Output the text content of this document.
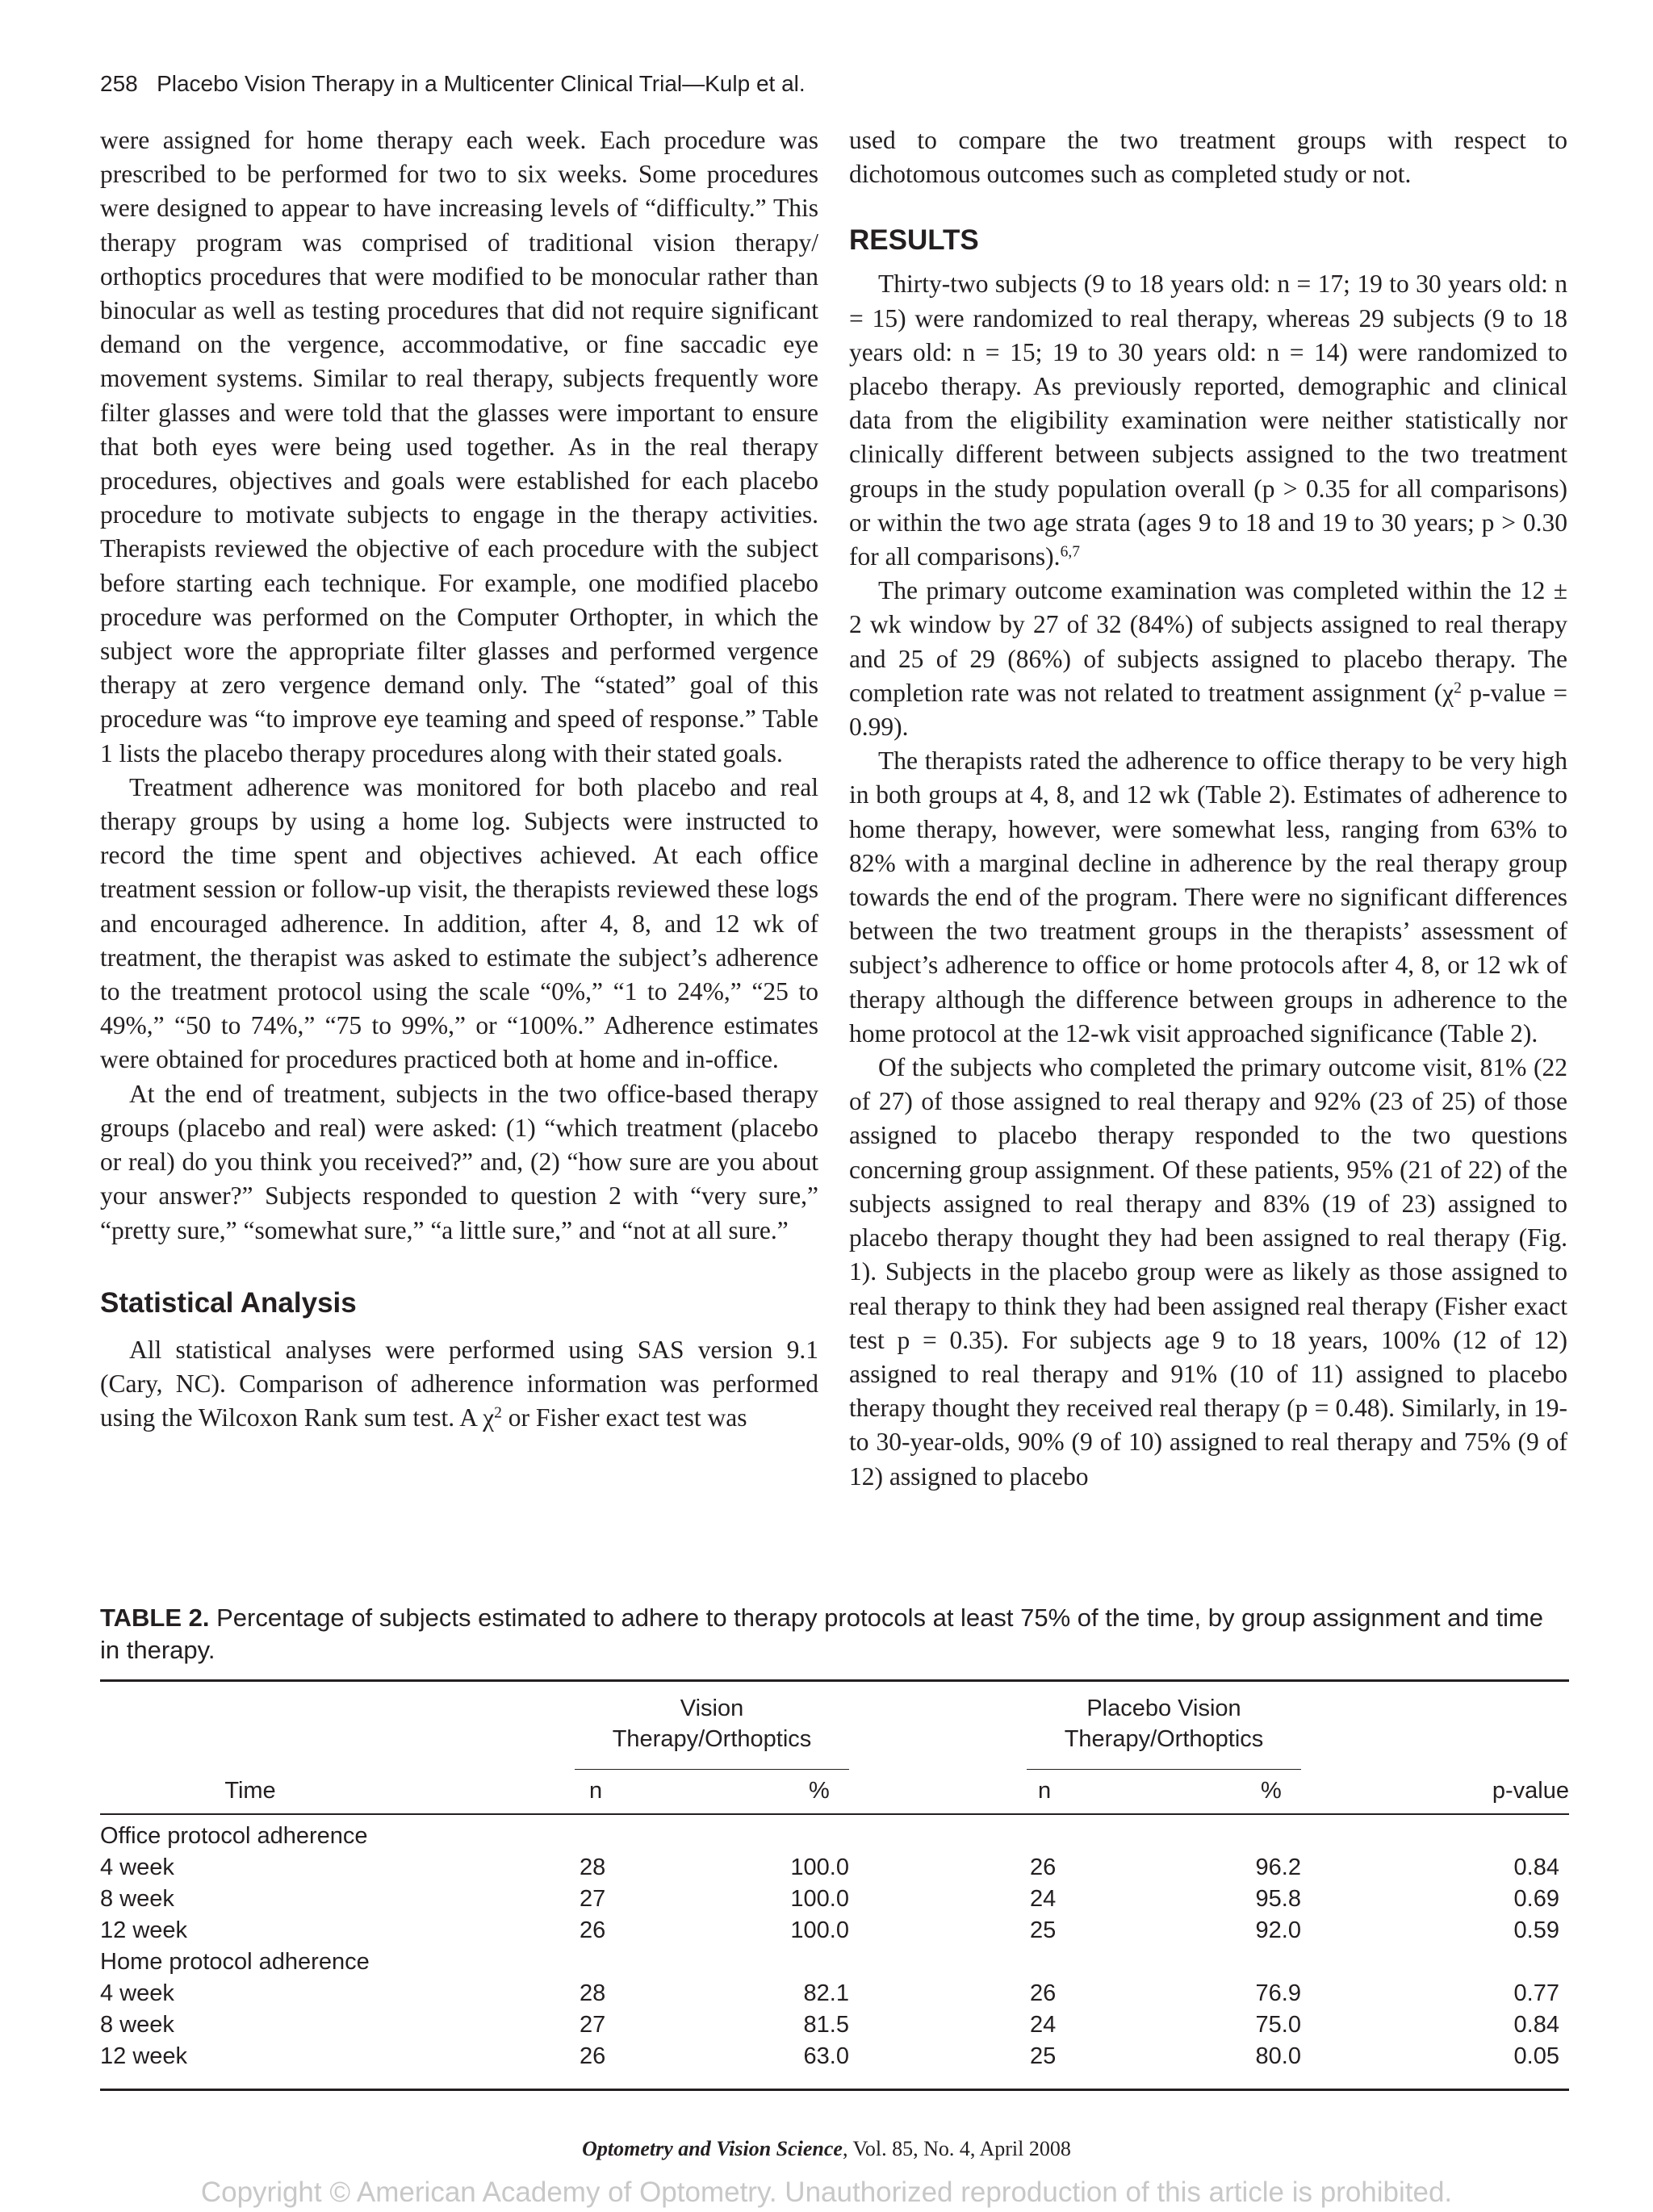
258 Placebo Vision Therapy in a Multicenter Clinical Trial—Kulp et al.

were assigned for home therapy each week. Each procedure was prescribed to be performed for two to six weeks. Some procedures were designed to appear to have increasing levels of “difficulty.” This therapy program was comprised of traditional vision therapy/ orthoptics procedures that were modified to be monocular rather than binocular as well as testing procedures that did not require significant demand on the vergence, accommodative, or fine saccadic eye movement systems. Similar to real therapy, subjects frequently wore filter glasses and were told that the glasses were important to ensure that both eyes were being used together. As in the real therapy procedures, objectives and goals were established for each placebo procedure to motivate subjects to engage in the therapy activities. Therapists reviewed the objective of each procedure with the subject before starting each technique. For example, one modified placebo procedure was performed on the Computer Orthopter, in which the subject wore the appropriate filter glasses and performed vergence therapy at zero vergence demand only. The “stated” goal of this procedure was “to improve eye teaming and speed of response.” Table 1 lists the placebo therapy procedures along with their stated goals.

Treatment adherence was monitored for both placebo and real therapy groups by using a home log. Subjects were instructed to record the time spent and objectives achieved. At each office treatment session or follow-up visit, the therapists reviewed these logs and encouraged adherence. In addition, after 4, 8, and 12 wk of treatment, the therapist was asked to estimate the subject’s adherence to the treatment protocol using the scale “0%,” “1 to 24%,” “25 to 49%,” “50 to 74%,” “75 to 99%,” or “100%.” Adherence estimates were obtained for procedures practiced both at home and in-office.

At the end of treatment, subjects in the two office-based therapy groups (placebo and real) were asked: (1) “which treatment (placebo or real) do you think you received?” and, (2) “how sure are you about your answer?” Subjects responded to question 2 with “very sure,” “pretty sure,” “somewhat sure,” “a little sure,” and “not at all sure.”

Statistical Analysis

All statistical analyses were performed using SAS version 9.1 (Cary, NC). Comparison of adherence information was performed using the Wilcoxon Rank sum test. A $\chi^2$ or Fisher exact test was

used to compare the two treatment groups with respect to dichotomous outcomes such as completed study or not.

RESULTS

Thirty-two subjects (9 to 18 years old: n = 17; 19 to 30 years old: n = 15) were randomized to real therapy, whereas 29 subjects (9 to 18 years old: n = 15; 19 to 30 years old: n = 14) were randomized to placebo therapy. As previously reported, demographic and clinical data from the eligibility examination were neither statistically nor clinically different between subjects assigned to the two treatment groups in the study population overall (p > 0.35 for all comparisons) or within the two age strata (ages 9 to 18 and 19 to 30 years; p > 0.30 for all comparisons).$^{6,7}$

The primary outcome examination was completed within the 12 ± 2 wk window by 27 of 32 (84%) of subjects assigned to real therapy and 25 of 29 (86%) of subjects assigned to placebo therapy. The completion rate was not related to treatment assignment ($\chi^2$ p-value = 0.99).

The therapists rated the adherence to office therapy to be very high in both groups at 4, 8, and 12 wk (Table 2). Estimates of adherence to home therapy, however, were somewhat less, ranging from 63% to 82% with a marginal decline in adherence by the real therapy group towards the end of the program. There were no significant differences between the two treatment groups in the therapists’ assessment of subject’s adherence to office or home protocols after 4, 8, or 12 wk of therapy although the difference between groups in adherence to the home protocol at the 12-wk visit approached significance (Table 2).

Of the subjects who completed the primary outcome visit, 81% (22 of 27) of those assigned to real therapy and 92% (23 of 25) of those assigned to placebo therapy responded to the two questions concerning group assignment. Of these patients, 95% (21 of 22) of the subjects assigned to real therapy and 83% (19 of 23) assigned to placebo therapy thought they had been assigned to real therapy (Fig. 1). Subjects in the placebo group were as likely as those assigned to real therapy to think they had been assigned real therapy (Fisher exact test p = 0.35). For subjects age 9 to 18 years, 100% (12 of 12) assigned to real therapy and 91% (10 of 11) assigned to placebo therapy thought they received real therapy (p = 0.48). Similarly, in 19- to 30-year-olds, 90% (9 of 10) assigned to real therapy and 75% (9 of 12) assigned to placebo

TABLE 2. Percentage of subjects estimated to adhere to therapy protocols at least 75% of the time, by group assignment and time in therapy.
Vision
Therapy/Orthoptics
Placebo Vision
Therapy/Orthoptics
Time	n	%	n	%	p-value
Office protocol adherence
4 week	28	100.0	26	96.2	0.84
8 week	27	100.0	24	95.8	0.69
12 week	26	100.0	25	92.0	0.59
Home protocol adherence
4 week	28	82.1	26	76.9	0.77
8 week	27	81.5	24	75.0	0.84
12 week	26	63.0	25	80.0	0.05
Optometry and Vision Science, Vol. 85, No. 4, April 2008
Copyright © American Academy of Optometry. Unauthorized reproduction of this article is prohibited.
